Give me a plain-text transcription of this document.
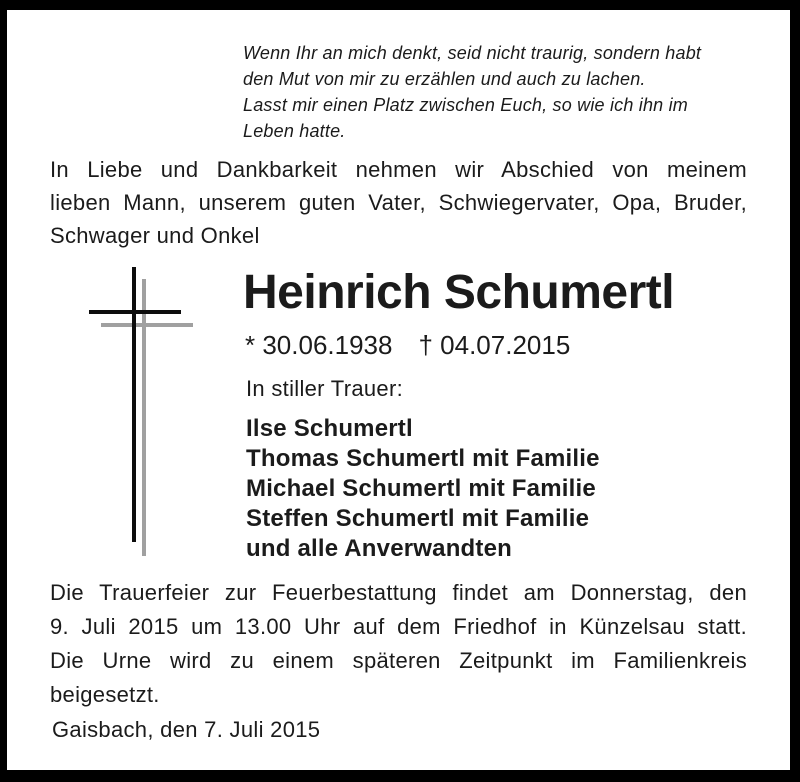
Wenn Ihr an mich denkt, seid nicht traurig, sondern habt
den Mut von mir zu erzählen und auch zu lachen.
Lasst mir einen Platz zwischen Euch, so wie ich ihn im
Leben hatte.
In Liebe und Dankbarkeit nehmen wir Abschied von meinem
lieben Mann, unserem guten Vater, Schwiegervater, Opa, Bruder,
Schwager und Onkel
Heinrich Schumertl
* 30.06.1938 † 04.07.2015
In stiller Trauer:
Ilse Schumertl
Thomas Schumertl mit Familie
Michael Schumertl mit Familie
Steffen Schumertl mit Familie
und alle Anverwandten
Die Trauerfeier zur Feuerbestattung findet am Donnerstag, den
9. Juli 2015 um 13.00 Uhr auf dem Friedhof in Künzelsau statt.
Die Urne wird zu einem späteren Zeitpunkt im Familienkreis
beigesetzt.
Gaisbach, den 7. Juli 2015
